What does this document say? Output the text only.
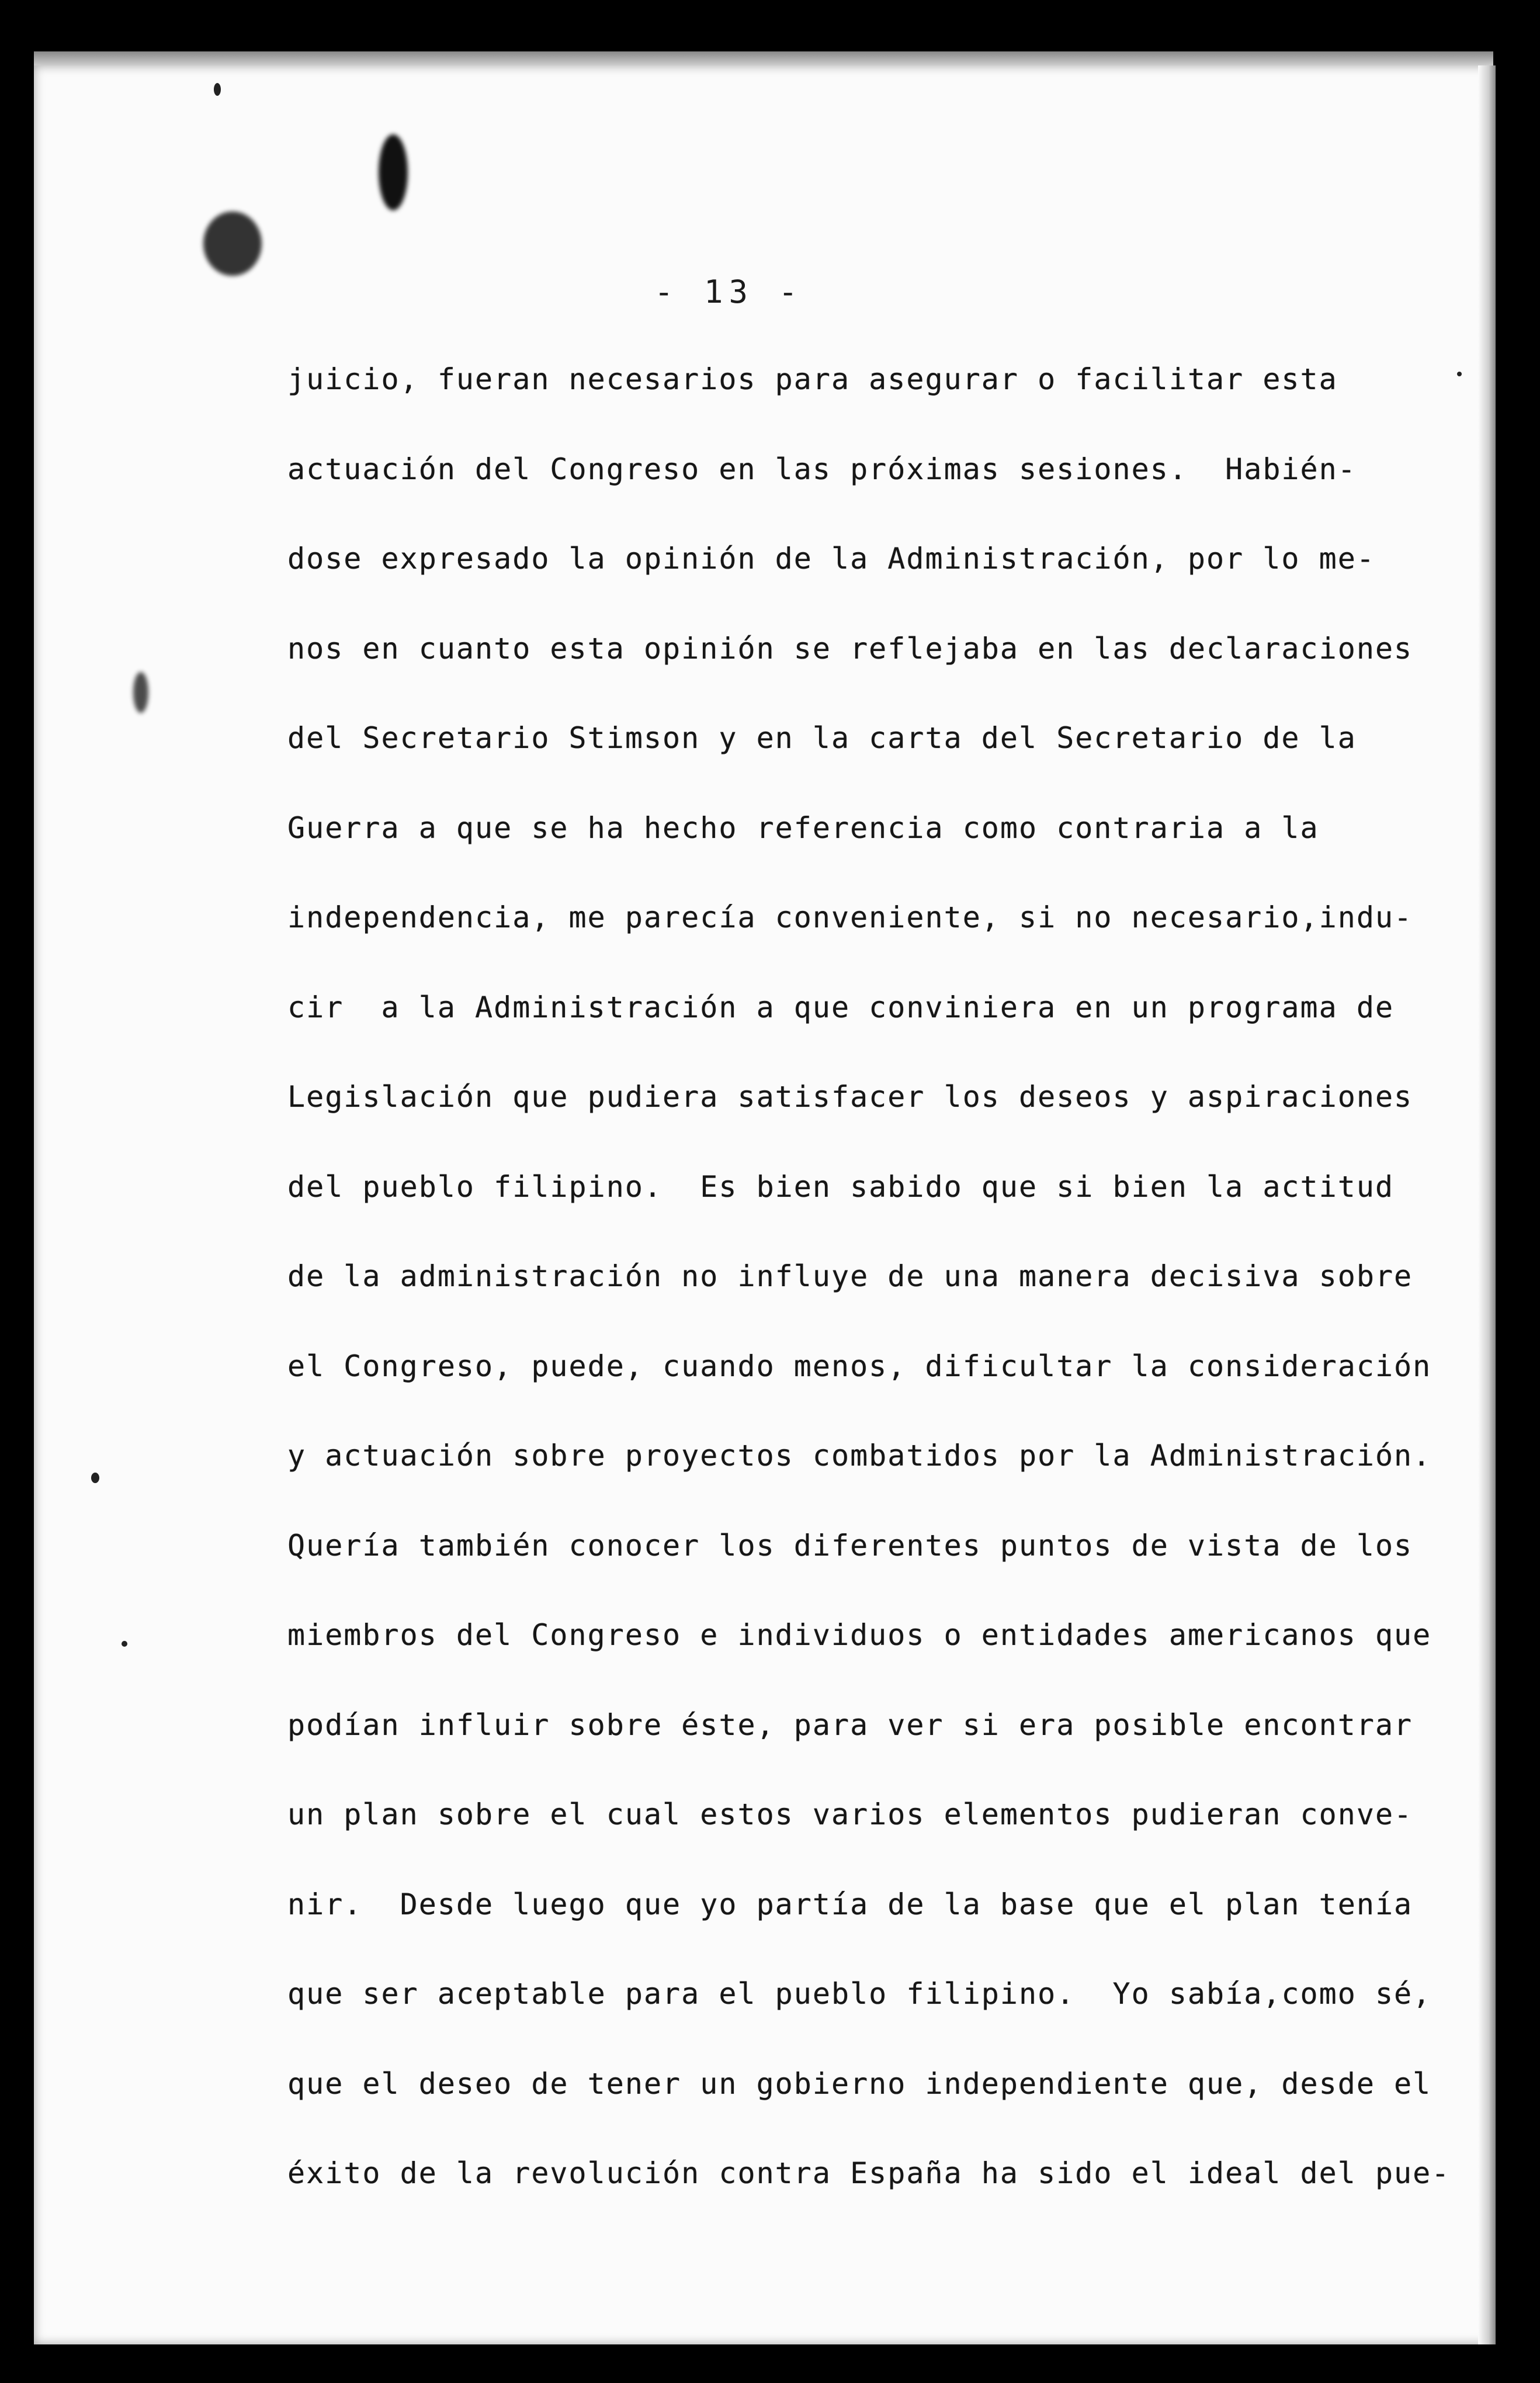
- 13 -
juicio, fueran necesarios para asegurar o facilitar esta
actuación del Congreso en las próximas sesiones.  Habién-
dose expresado la opinión de la Administración, por lo me-
nos en cuanto esta opinión se reflejaba en las declaraciones
del Secretario Stimson y en la carta del Secretario de la
Guerra a que se ha hecho referencia como contraria a la
independencia, me parecía conveniente, si no necesario,indu-
cir  a la Administración a que conviniera en un programa de
Legislación que pudiera satisfacer los deseos y aspiraciones
del pueblo filipino.  Es bien sabido que si bien la actitud
de la administración no influye de una manera decisiva sobre
el Congreso, puede, cuando menos, dificultar la consideración
y actuación sobre proyectos combatidos por la Administración.
Quería también conocer los diferentes puntos de vista de los
miembros del Congreso e individuos o entidades americanos que
podían influir sobre éste, para ver si era posible encontrar
un plan sobre el cual estos varios elementos pudieran conve-
nir.  Desde luego que yo partía de la base que el plan tenía
que ser aceptable para el pueblo filipino.  Yo sabía,como sé,
que el deseo de tener un gobierno independiente que, desde el
éxito de la revolución contra España ha sido el ideal del pue-
